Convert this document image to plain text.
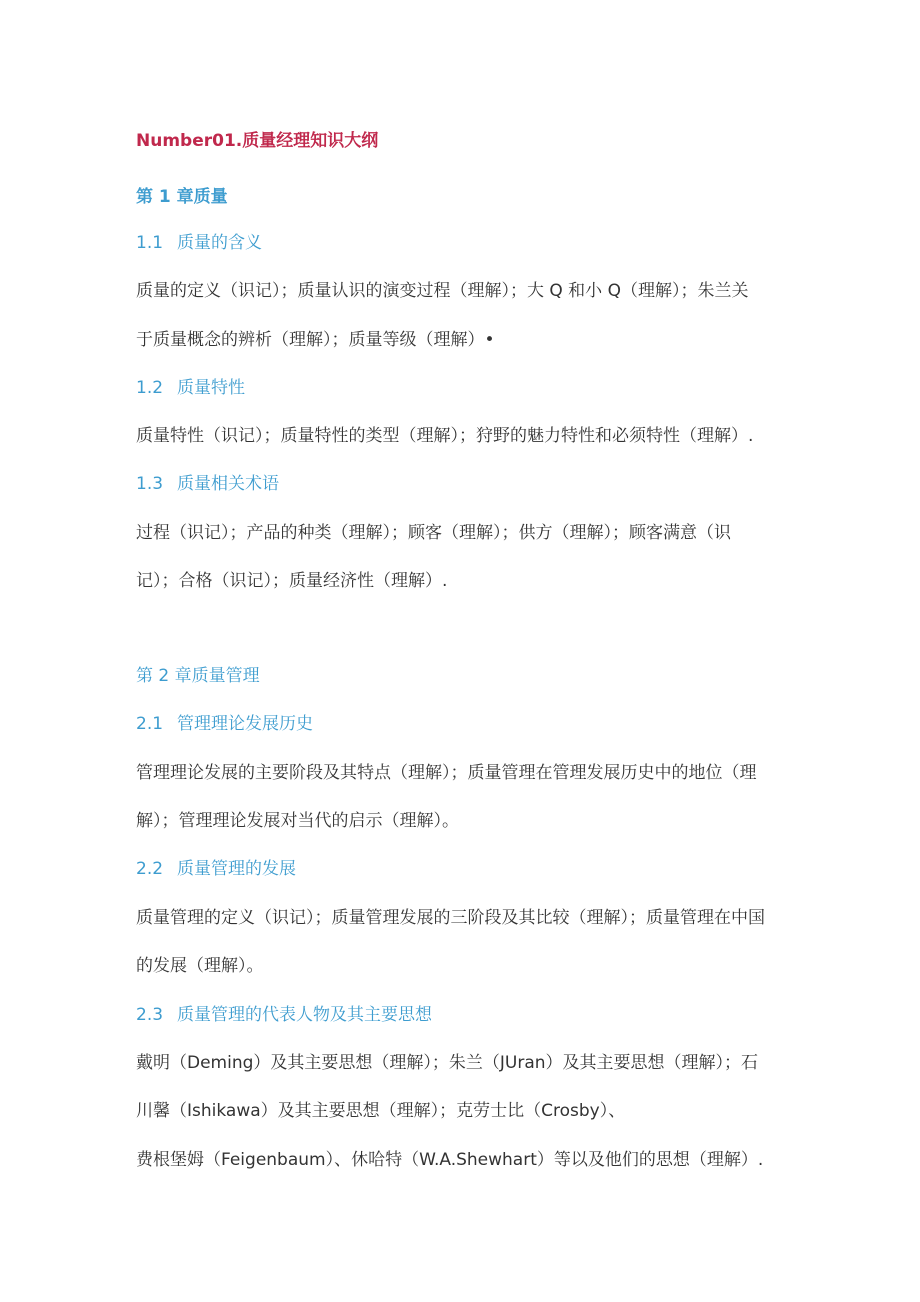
Number01.质量经理知识大纲
第 1 章质量
1.1 质量的含义
质量的定义（识记）；质量认识的演变过程（理解）；大 Q 和小 Q（理解）；朱兰关
于质量概念的辨析（理解）；质量等级（理解）•
1.2 质量特性
质量特性（识记）；质量特性的类型（理解）；狩野的魅力特性和必须特性（理解）.
1.3 质量相关术语
过程（识记）；产品的种类（理解）；顾客（理解）；供方（理解）；顾客满意（识
记）；合格（识记）；质量经济性（理解）.
第 2 章质量管理
2.1 管理理论发展历史
管理理论发展的主要阶段及其特点（理解）；质量管理在管理发展历史中的地位（理
解）；管理理论发展对当代的启示（理解）。
2.2 质量管理的发展
质量管理的定义（识记）；质量管理发展的三阶段及其比较（理解）；质量管理在中国
的发展（理解）。
2.3 质量管理的代表人物及其主要思想
戴明（Deming）及其主要思想（理解）；朱兰（JUran）及其主要思想（理解）；石
川馨（Ishikawa）及其主要思想（理解）；克劳士比（Crosby）、
费根堡姆（Feigenbaum）、休哈特（W.A.Shewhart）等以及他们的思想（理解）.
